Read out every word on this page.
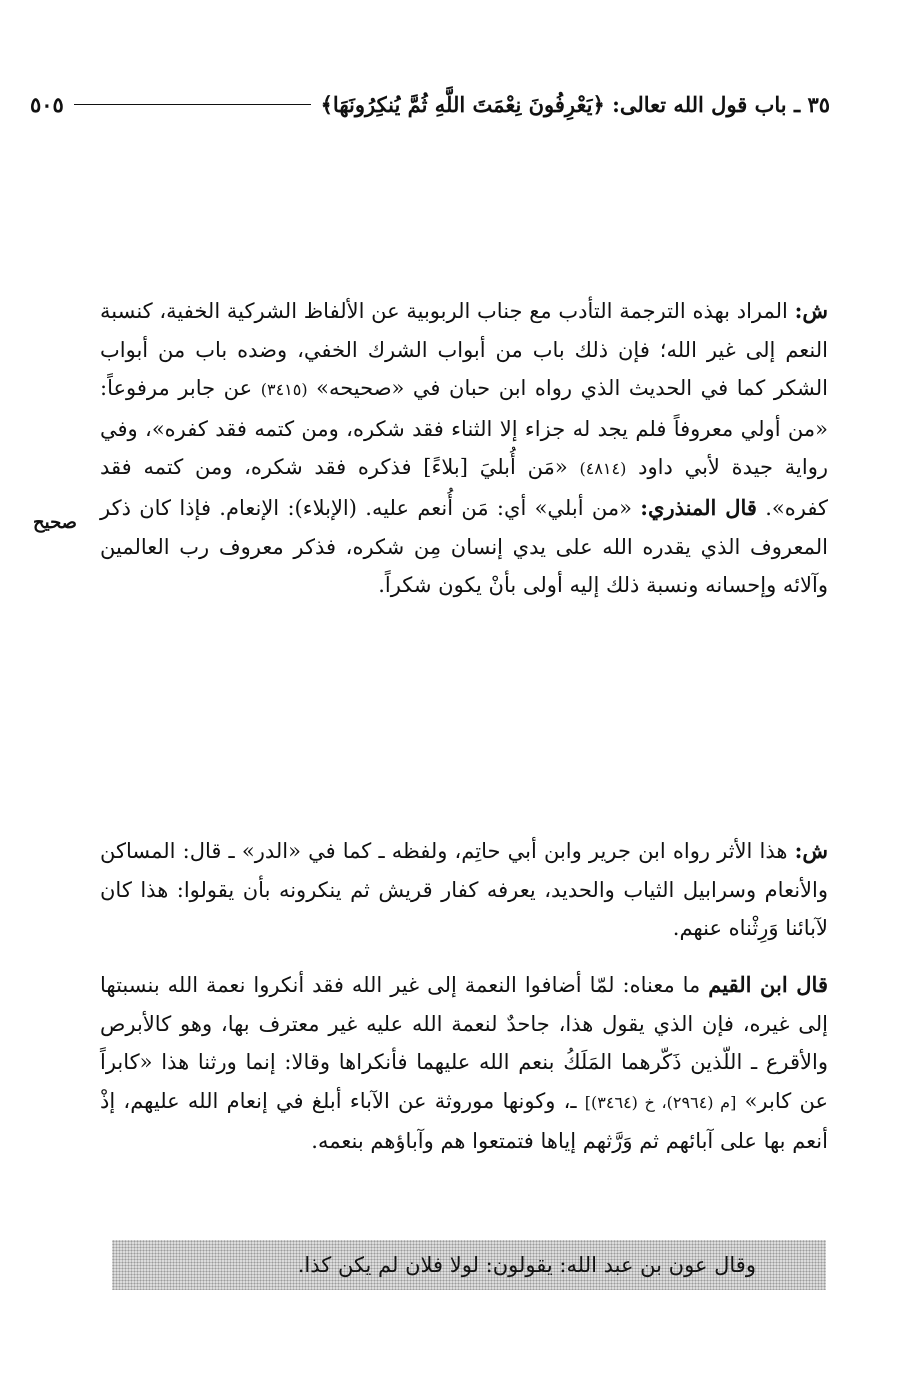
٣٥ ـ باب قول الله تعالى: ﴿يَعْرِفُونَ نِعْمَتَ اللَّهِ ثُمَّ يُنكِرُونَهَا﴾
٥٠٥
صحيح
ش: المراد بهذه الترجمة التأدب مع جناب الربوبية عن الألفاظ الشركية الخفية، كنسبة النعم إلى غير الله؛ فإن ذلك باب من أبواب الشرك الخفي، وضده باب من أبواب الشكر كما في الحديث الذي رواه ابن حبان في «صحيحه» (٣٤١٥) عن جابر مرفوعاً: «من أولي معروفاً فلم يجد له جزاء إلا الثناء فقد شكره، ومن كتمه فقد كفره»، وفي رواية جيدة لأبي داود (٤٨١٤) «مَن أُبليَ [بلاءً] فذكره فقد شكره، ومن كتمه فقد كفره». قال المنذري: «من أبلي» أي: مَن أُنعم عليه. (الإبلاء): الإنعام. فإذا كان ذكر المعروف الذي يقدره الله على يدي إنسان مِن شكره، فذكر معروف رب العالمين وآلائه وإحسانه ونسبة ذلك إليه أولى بأنْ يكون شكراً.
ش: هذا الأثر رواه ابن جرير وابن أبي حاتِم، ولفظه ـ كما في «الدر» ـ قال: المساكن والأنعام وسرابيل الثياب والحديد، يعرفه كفار قريش ثم ينكرونه بأن يقولوا: هذا كان لآبائنا وَرِثْناه عنهم.
قال ابن القيم ما معناه: لمّا أضافوا النعمة إلى غير الله فقد أنكروا نعمة الله بنسبتها إلى غيره، فإن الذي يقول هذا، جاحدٌ لنعمة الله عليه غير معترف بها، وهو كالأبرص والأقرع ـ اللّذين ذَكّرهما المَلَكُ بنعم الله عليهما فأنكراها وقالا: إنما ورثنا هذا «كابراً عن كابر» [م (٢٩٦٤)، خ (٣٤٦٤)] ـ، وكونها موروثة عن الآباء أبلغ في إنعام الله عليهم، إذْ أنعم بها على آبائهم ثم وَرَّثهم إياها فتمتعوا هم وآباؤهم بنعمه.
وقال عون بن عبد الله: يقولون: لولا فلان لم يكن كذا.
